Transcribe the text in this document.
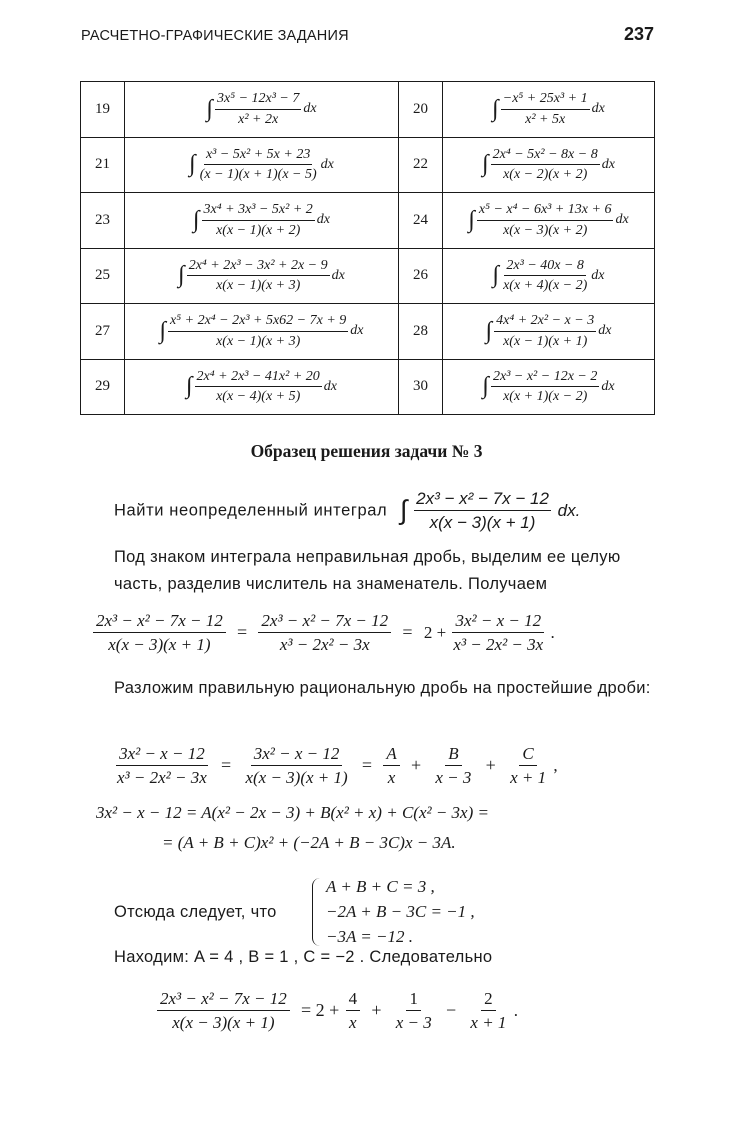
РАСЧЕТНО-ГРАФИЧЕСКИЕ ЗАДАНИЯ	237
19	∫ $\frac{\text{3x⁵ − 12x³ − 7}}{\text{x² + 2x}}$ dx	20	∫ $\frac{\text{−x⁵ + 25x³ + 1}}{\text{x² + 5x}}$ dx
21	∫ $\frac{\text{x³ − 5x² + 5x + 23}}{(x - 1)(x + 1)(x - 5)}$ dx	22	∫ $\frac{\text{2x⁴ − 5x² − 8x − 8}}{x(x - 2)(x + 2)}$ dx
23	∫ $\frac{\text{3x⁴ + 3x³ − 5x² + 2}}{x(x - 1)(x + 2)}$ dx	24	∫ $\frac{\text{x⁵ − x⁴ − 6x³ + 13x + 6}}{x(x - 3)(x + 2)}$ dx
25	∫ $\frac{\text{2x⁴ + 2x³ − 3x² + 2x − 9}}{x(x - 1)(x + 3)}$ dx	26	∫ $\frac{\text{2x³ − 40x − 8}}{x(x + 4)(x - 2)}$ dx
27	∫ $\frac{\text{x⁵ + 2x⁴ − 2x³ + 5x62 − 7x + 9}}{x(x - 1)(x + 3)}$ dx	28	∫ $\frac{\text{4x⁴ + 2x² − x − 3}}{x(x - 1)(x + 1)}$ dx
29	∫ $\frac{\text{2x⁴ + 2x³ − 41x² + 20}}{x(x - 4)(x + 5)}$ dx	30	∫ $\frac{\text{2x³ − x² − 12x − 2}}{x(x + 1)(x - 2)}$ dx
Образец решения задачи № 3
Найти неопределенный интеграл ∫ $\frac{\text{2x³ − x² − 7x − 12}}{x(x - 3)(x + 1)}$ dx.
Под знаком интеграла неправильная дробь, выделим ее целую часть, разделив числитель на знаменатель. Получаем
$\frac{\text{2x³ − x² − 7x − 12}}{x(x - 3)(x + 1)} = \frac{\text{2x³ − x² − 7x − 12}}{\text{x³ − 2x² − 3x}} = 2 + \frac{\text{3x² − x − 12}}{\text{x³ − 2x² − 3x}}$ .
Разложим правильную рациональную дробь на простейшие дроби:
$\frac{\text{3x² − x − 12}}{\text{x³ − 2x² − 3x}} = \frac{\text{3x² − x − 12}}{x(x - 3)(x + 1)} = \frac{A}{x} + \frac{B}{x - 3} + \frac{C}{x + 1}$ ,
3x² − x − 12 = A(x² − 2x − 3) + B(x² + x) + C(x² − 3x) =
= (A + B + C)x² + (−2A + B − 3C)x − 3A.
Отсюда следует, что
A + B + C = 3 ,
−2A + B − 3C = −1 ,
−3A = −12 .
Находим: A = 4 , B = 1 , C = −2 . Следовательно
$\frac{\text{2x³ − x² − 7x − 12}}{x(x - 3)(x + 1)} = 2 + \frac{4}{x} + \frac{1}{x - 3} - \frac{2}{x + 1}$ .
